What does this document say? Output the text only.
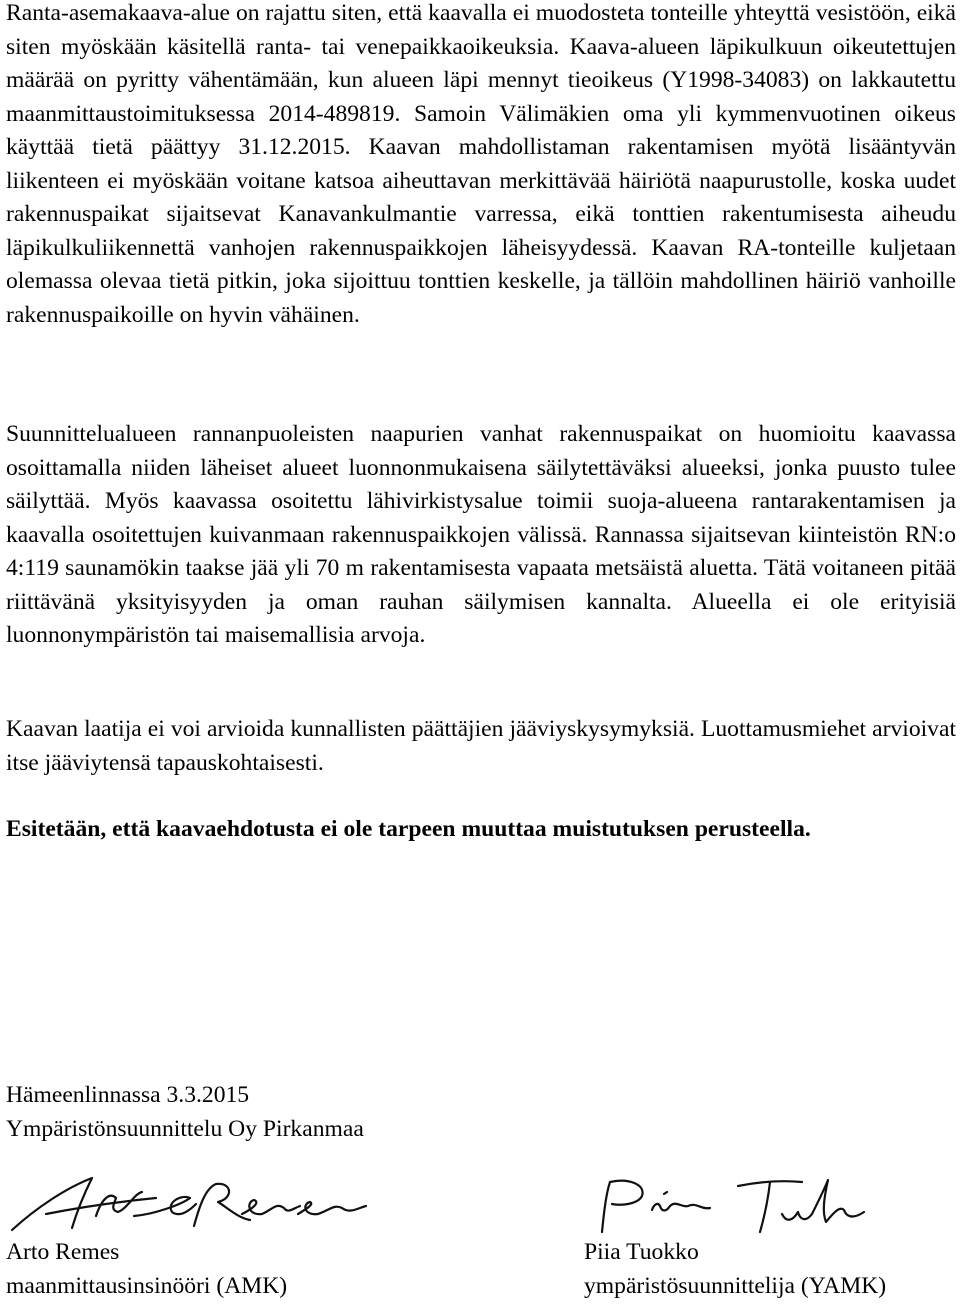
Ranta-asemakaava-alue on rajattu siten, että kaavalla ei muodosteta tonteille yhteyttä vesistöön, eikä siten myöskään käsitellä ranta- tai venepaikkaoikeuksia. Kaava-alueen läpikulkuun oikeutettujen määrää on pyritty vähentämään, kun alueen läpi mennyt tieoikeus (Y1998-34083) on lakkautettu maanmittaustoimituksessa 2014-489819. Samoin Välimäkien oma yli kymmenvuotinen oikeus käyttää tietä päättyy 31.12.2015. Kaavan mahdollistaman rakentamisen myötä lisääntyvän liikenteen ei myöskään voitane katsoa aiheuttavan merkittävää häiriötä naapurustolle, koska uudet rakennuspaikat sijaitsevat Kanavankulmantie varressa, eikä tonttien rakentumisesta aiheudu läpikulkuliikennettä vanhojen rakennuspaikkojen läheisyydessä. Kaavan RA-tonteille kuljetaan olemassa olevaa tietä pitkin, joka sijoittuu tonttien keskelle, ja tällöin mahdollinen häiriö vanhoille rakennuspaikoille on hyvin vähäinen.

Suunnittelualueen rannanpuoleisten naapurien vanhat rakennuspaikat on huomioitu kaavassa osoittamalla niiden läheiset alueet luonnonmukaisena säilytettäväksi alueeksi, jonka puusto tulee säilyttää. Myös kaavassa osoitettu lähivirkistysalue toimii suoja-alueena rantarakentamisen ja kaavalla osoitettujen kuivanmaan rakennuspaikkojen välissä. Rannassa sijaitsevan kiinteistön RN:o 4:119 saunamökin taakse jää yli 70 m rakentamisesta vapaata metsäistä aluetta. Tätä voitaneen pitää riittävänä yksityisyyden ja oman rauhan säilymisen kannalta. Alueella ei ole erityisiä luonnonympäristön tai maisemallisia arvoja.

Kaavan laatija ei voi arvioida kunnallisten päättäjien jääviyskysymyksiä. Luottamusmiehet arvioivat itse jääviytensä tapauskohtaisesti.

Esitetään, että kaavaehdotusta ei ole tarpeen muuttaa muistutuksen perusteella.

Hämeenlinnassa 3.3.2015
Ympäristönsuunnittelu Oy Pirkanmaa
Arto Remes
maanmittausinsinööri (AMK)
Piia Tuokko
ympäristösuunnittelija (YAMK)
